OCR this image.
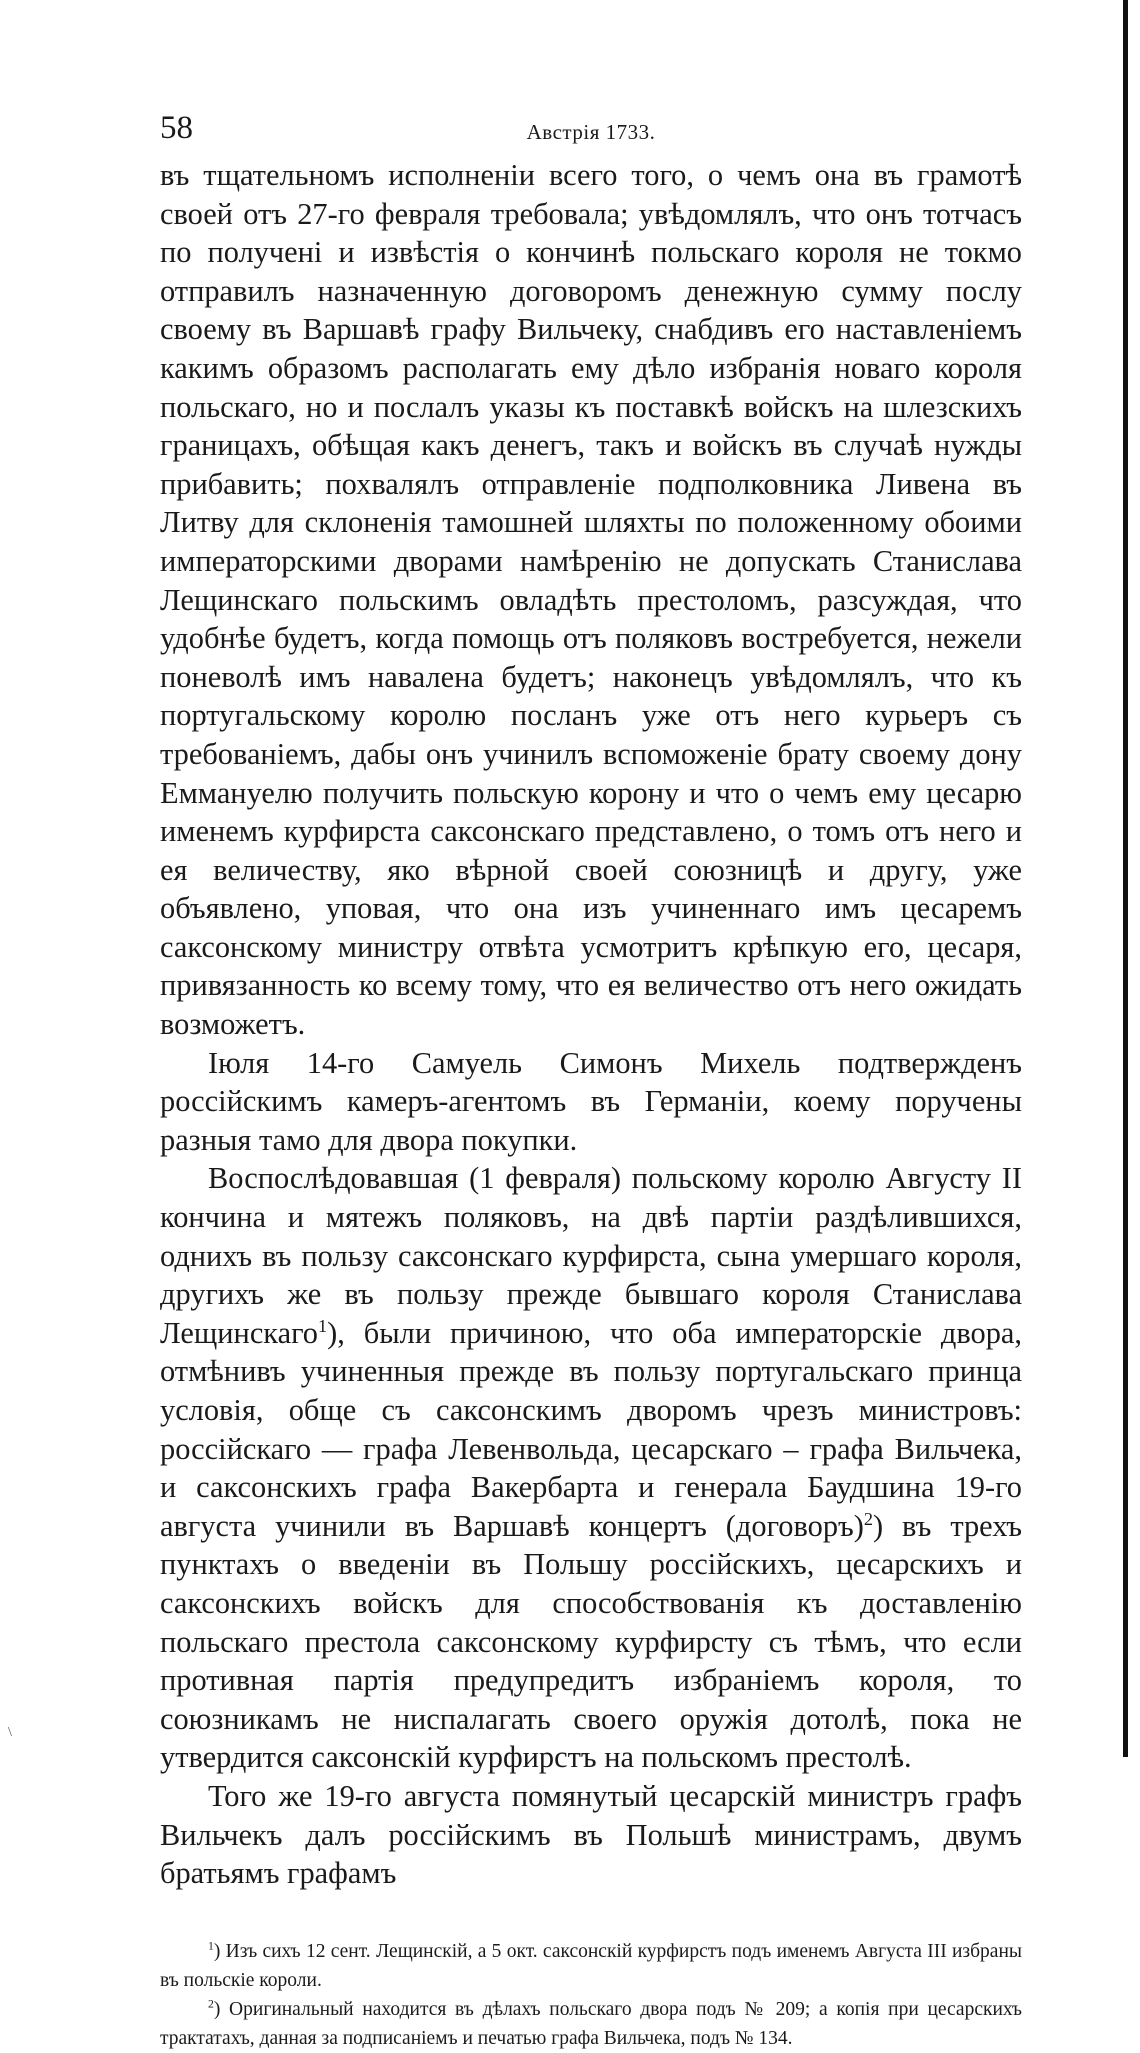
58	Австрія 1733.

въ тщательномъ исполненіи всего того, о чемъ она въ грамотѣ своей отъ 27-го февраля требовала; увѣдомлялъ, что онъ тотчасъ по получені и извѣстія о кончинѣ польскаго короля не токмо отправилъ назначенную договоромъ денежную сумму послу своему въ Варшавѣ графу Вильчеку, снабдивъ его наставленіемъ какимъ образомъ располагать ему дѣло избранія новаго короля польскаго, но и послалъ указы къ поставкѣ войскъ на шлезскихъ границахъ, обѣщая какъ денегъ, такъ и войскъ въ случаѣ нужды прибавить; похвалялъ отправленіе подполковника Ливена въ Литву для склоненія тамошней шляхты по положенному обоими императорскими дворами намѣренію не допускать Станислава Лещинскаго польскимъ овладѣть престоломъ, разсуждая, что удобнѣе будетъ, когда помощь отъ поляковъ востребуется, нежели поневолѣ имъ навалена будетъ; наконецъ увѣдомлялъ, что къ португальскому королю посланъ уже отъ него курьеръ съ требованіемъ, дабы онъ учинилъ вспоможеніе брату своему дону Еммануелю получить польскую корону и что о чемъ ему цесарю именемъ курфирста саксонскаго представлено, о томъ отъ него и ея величеству, яко вѣрной своей союзницѣ и другу, уже объявлено, уповая, что она изъ учиненнаго имъ цесаремъ саксонскому министру отвѣта усмотритъ крѣпкую его, цесаря, привязанность ко всему тому, что ея величество отъ него ожидать возможетъ.

Іюля 14-го Самуель Симонъ Михель подтвержденъ россійскимъ камеръ-агентомъ въ Германіи, коему поручены разныя тамо для двора покупки.

Воспослѣдовавшая (1 февраля) польскому королю Августу II кончина и мятежъ поляковъ, на двѣ партіи раздѣлившихся, однихъ въ пользу саксонскаго курфирста, сына умершаго короля, другихъ же въ пользу прежде бывшаго короля Станислава Лещинскаго$^1$), были причиною, что оба императорскіе двора, отмѣнивъ учиненныя прежде въ пользу португальскаго принца условія, обще съ саксонскимъ дворомъ чрезъ министровъ: россійскаго — графа Левенвольда, цесарскаго – графа Вильчека, и саксонскихъ графа Вакербарта и генерала Баудшина 19-го августа учинили въ Варшавѣ концертъ (договоръ)$^2$) въ трехъ пунктахъ о введеніи въ Польшу россійскихъ, цесарскихъ и саксонскихъ войскъ для способствованія къ доставленію польскаго престола саксонскому курфирсту съ тѣмъ, что если противная партія предупредитъ избраніемъ короля, то союзникамъ не ниспалагать своего оружія дотолѣ, пока не утвердится саксонскій курфирстъ на польскомъ престолѣ.

Того же 19-го августа помянутый цесарскій министръ графъ Вильчекъ далъ россійскимъ въ Польшѣ министрамъ, двумъ братьямъ графамъ

$^1$) Изъ сихъ 12 сент. Лещинскій, а 5 окт. саксонскій курфирстъ подъ именемъ Августа III избраны въ польскіе короли.

$^2$) Оригинальный находится въ дѣлахъ польскаго двора подъ № 209; а копія при цесарскихъ трактатахъ, данная за подписаніемъ и печатью графа Вильчека, подъ № 134.

\
